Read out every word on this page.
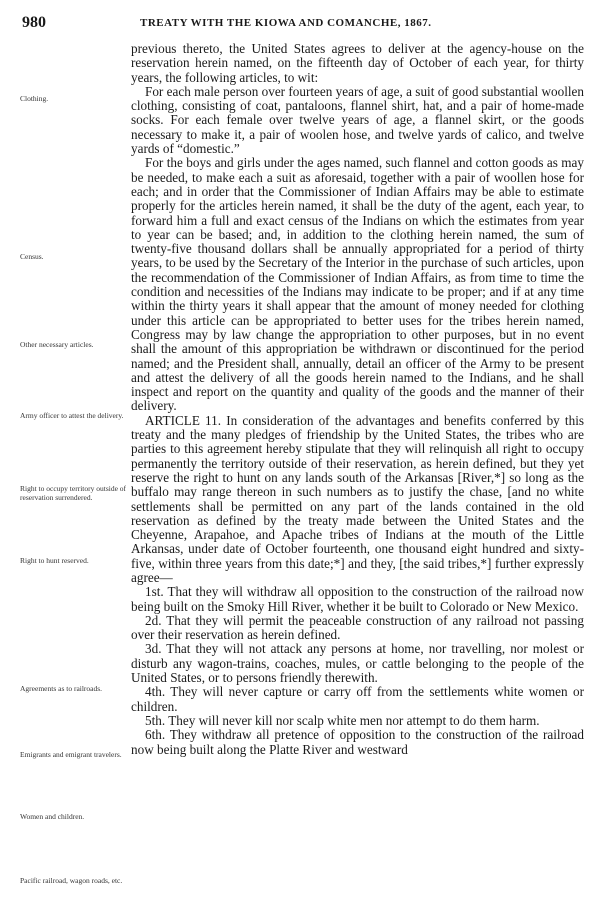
980	TREATY WITH THE KIOWA AND COMANCHE, 1867.
Clothing.
Census.
Other necessary articles.
Army officer to attest the delivery.
Right to occupy territory outside of reservation surrendered.
Right to hunt reserved.
Agreements as to railroads.
Emigrants and emigrant travelers.
Women and children.
Pacific railroad, wagon roads, etc.

previous thereto, the United States agrees to deliver at the agency-house on the reservation herein named, on the fifteenth day of October of each year, for thirty years, the following articles, to wit:

For each male person over fourteen years of age, a suit of good substantial woollen clothing, consisting of coat, pantaloons, flannel shirt, hat, and a pair of home-made socks. For each female over twelve years of age, a flannel skirt, or the goods necessary to make it, a pair of woolen hose, and twelve yards of calico, and twelve yards of “domestic.”

For the boys and girls under the ages named, such flannel and cotton goods as may be needed, to make each a suit as aforesaid, together with a pair of woollen hose for each; and in order that the Commissioner of Indian Affairs may be able to estimate properly for the articles herein named, it shall be the duty of the agent, each year, to forward him a full and exact census of the Indians on which the estimates from year to year can be based; and, in addition to the clothing herein named, the sum of twenty-five thousand dollars shall be annually appropriated for a period of thirty years, to be used by the Secretary of the Interior in the purchase of such articles, upon the recommendation of the Commissioner of Indian Affairs, as from time to time the condition and necessities of the Indians may indicate to be proper; and if at any time within the thirty years it shall appear that the amount of money needed for clothing under this article can be appropriated to better uses for the tribes herein named, Congress may by law change the appropriation to other purposes, but in no event shall the amount of this appropriation be withdrawn or discontinued for the period named; and the President shall, annually, detail an officer of the Army to be present and attest the delivery of all the goods herein named to the Indians, and he shall inspect and report on the quantity and quality of the goods and the manner of their delivery.

ARTICLE 11. In consideration of the advantages and benefits conferred by this treaty and the many pledges of friendship by the United States, the tribes who are parties to this agreement hereby stipulate that they will relinquish all right to occupy permanently the territory outside of their reservation, as herein defined, but they yet reserve the right to hunt on any lands south of the Arkansas [River,*] so long as the buffalo may range thereon in such numbers as to justify the chase, [and no white settlements shall be permitted on any part of the lands contained in the old reservation as defined by the treaty made between the United States and the Cheyenne, Arapahoe, and Apache tribes of Indians at the mouth of the Little Arkansas, under date of October fourteenth, one thousand eight hundred and sixty-five, within three years from this date;*] and they, [the said tribes,*] further expressly agree—

1st. That they will withdraw all opposition to the construction of the railroad now being built on the Smoky Hill River, whether it be built to Colorado or New Mexico.

2d. That they will permit the peaceable construction of any railroad not passing over their reservation as herein defined.

3d. That they will not attack any persons at home, nor travelling, nor molest or disturb any wagon-trains, coaches, mules, or cattle belonging to the people of the United States, or to persons friendly therewith.

4th. They will never capture or carry off from the settlements white women or children.

5th. They will never kill nor scalp white men nor attempt to do them harm.

6th. They withdraw all pretence of opposition to the construction of the railroad now being built along the Platte River and westward
